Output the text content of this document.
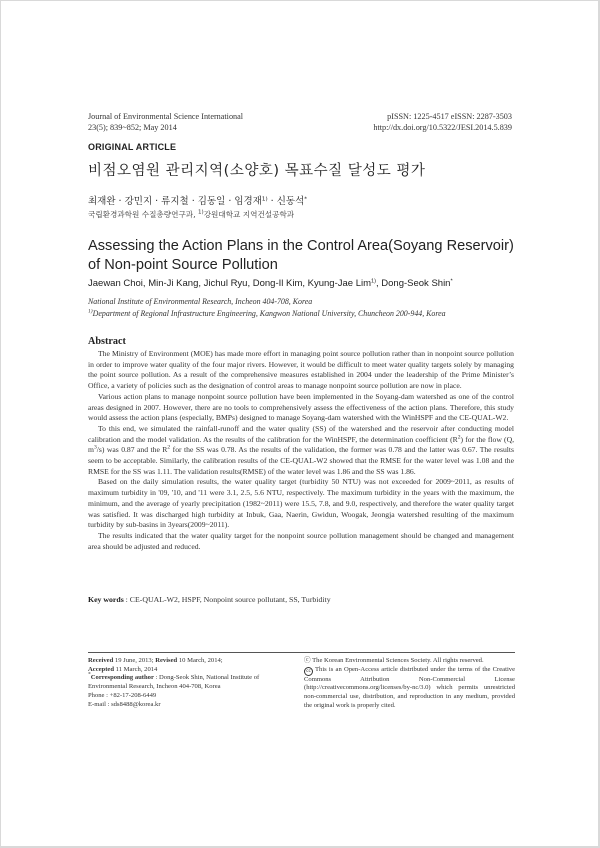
Journal of Environmental Science International
23(5); 839~852; May 2014
pISSN: 1225-4517 eISSN: 2287-3503
http://dx.doi.org/10.5322/JESI.2014.5.839
ORIGINAL ARTICLE
비점오염원 관리지역(소양호) 목표수질 달성도 평가
최재완 · 강민지 · 류지철 · 김동일 · 임경재$^{1)}$ · 신동석*
국립환경과학원 수질총량연구과, $^{1)}$강원대학교 지역건설공학과
Assessing the Action Plans in the Control Area(Soyang Reservoir) of Non-point Source Pollution
Jaewan Choi, Min-Ji Kang, Jichul Ryu, Dong-Il Kim, Kyung-Jae Lim$^{1)}$, Dong-Seok Shin*
National Institute of Environmental Research, Incheon 404-708, Korea
$^{1)}$Department of Regional Infrastructure Engineering, Kangwon National University, Chuncheon 200-944, Korea
Abstract

The Ministry of Environment (MOE) has made more effort in managing point source pollution rather than in nonpoint source pollution in order to improve water quality of the four major rivers. However, it would be difficult to meet water quality targets solely by managing the point source pollution. As a result of the comprehensive measures established in 2004 under the leadership of the Prime Minister’s Office, a variety of policies such as the designation of control areas to manage nonpoint source pollution are now in place.

Various action plans to manage nonpoint source pollution have been implemented in the Soyang-dam watershed as one of the control areas designed in 2007. However, there are no tools to comprehensively assess the effectiveness of the action plans. Therefore, this study would assess the action plans (especially, BMPs) designed to manage Soyang-dam watershed with the WinHSPF and the CE-QUAL-W2.

To this end, we simulated the rainfall-runoff and the water quality (SS) of the watershed and the reservoir after conducting model calibration and the model validation. As the results of the calibration for the WinHSPF, the determination coefficient $(R^2)$ for the flow (Q, $m^3/s$) was 0.87 and the $R^2$ for the SS was 0.78. As the results of the validation, the former was 0.78 and the latter was 0.67. The results seem to be acceptable. Similarly, the calibration results of the CE-QUAL-W2 showed that the RMSE for the water level was 1.08 and the RMSE for the SS was 1.11. The validation results(RMSE) of the water level was 1.86 and the SS was 1.86.

Based on the daily simulation results, the water quality target (turbidity 50 NTU) was not exceeded for 2009~2011, as results of maximum turbidity in '09, '10, and '11 were 3.1, 2.5, 5.6 NTU, respectively. The maximum turbidity in the years with the maximum, the minimum, and the average of yearly precipitation (1982~2011) were 15.5, 7.8, and 9.0, respectively, and therefore the water quality target was satisfied. It was discharged high turbidity at Inbuk, Gaa, Naerin, Gwidun, Woogak, Jeongja watershed resulting of the maximum turbidity by sub-basins in 3years(2009~2011).

The results indicated that the water quality target for the nonpoint source pollution management should be changed and management area should be adjusted and reduced.

Key words : CE-QUAL-W2, HSPF, Nonpoint source pollutant, SS, Turbidity
Received 19 June, 2013; Revised 10 March, 2014;
Accepted 11 March, 2014
*Corresponding author : Dong-Seok Shin, National Institute of Environmental Research, Incheon 404-708, Korea
Phone : +82-17-208-6449
E-mail : sds8488@korea.kr
ⓒ The Korean Environmental Sciences Society. All rights reserved.
cc This is an Open-Access article distributed under the terms of the Creative Commons Attribution Non-Commercial License (http://creativecommons.org/licenses/by-nc/3.0) which permits unrestricted non-commercial use, distribution, and reproduction in any medium, provided the original work is properly cited.
